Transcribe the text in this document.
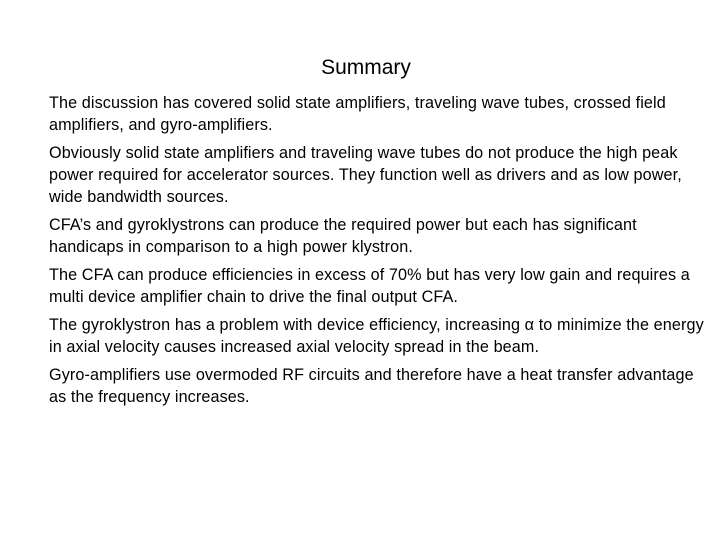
Summary

The discussion has covered solid state amplifiers, traveling wave tubes, crossed field amplifiers, and gyro-amplifiers.

Obviously solid state amplifiers and traveling wave tubes do not produce the high peak power required for accelerator sources. They function well as drivers and as low power, wide bandwidth sources.

CFA’s and gyroklystrons can produce the required power but each has significant handicaps in comparison to a high power klystron.

The CFA can produce efficiencies in excess of 70% but has very low gain and requires a multi device amplifier chain to drive the final output CFA.

The gyroklystron has a problem with device efficiency, increasing α to minimize the energy in axial velocity causes increased axial velocity spread in the beam.

Gyro-amplifiers use overmoded RF circuits and therefore have a heat transfer advantage as the frequency increases.
